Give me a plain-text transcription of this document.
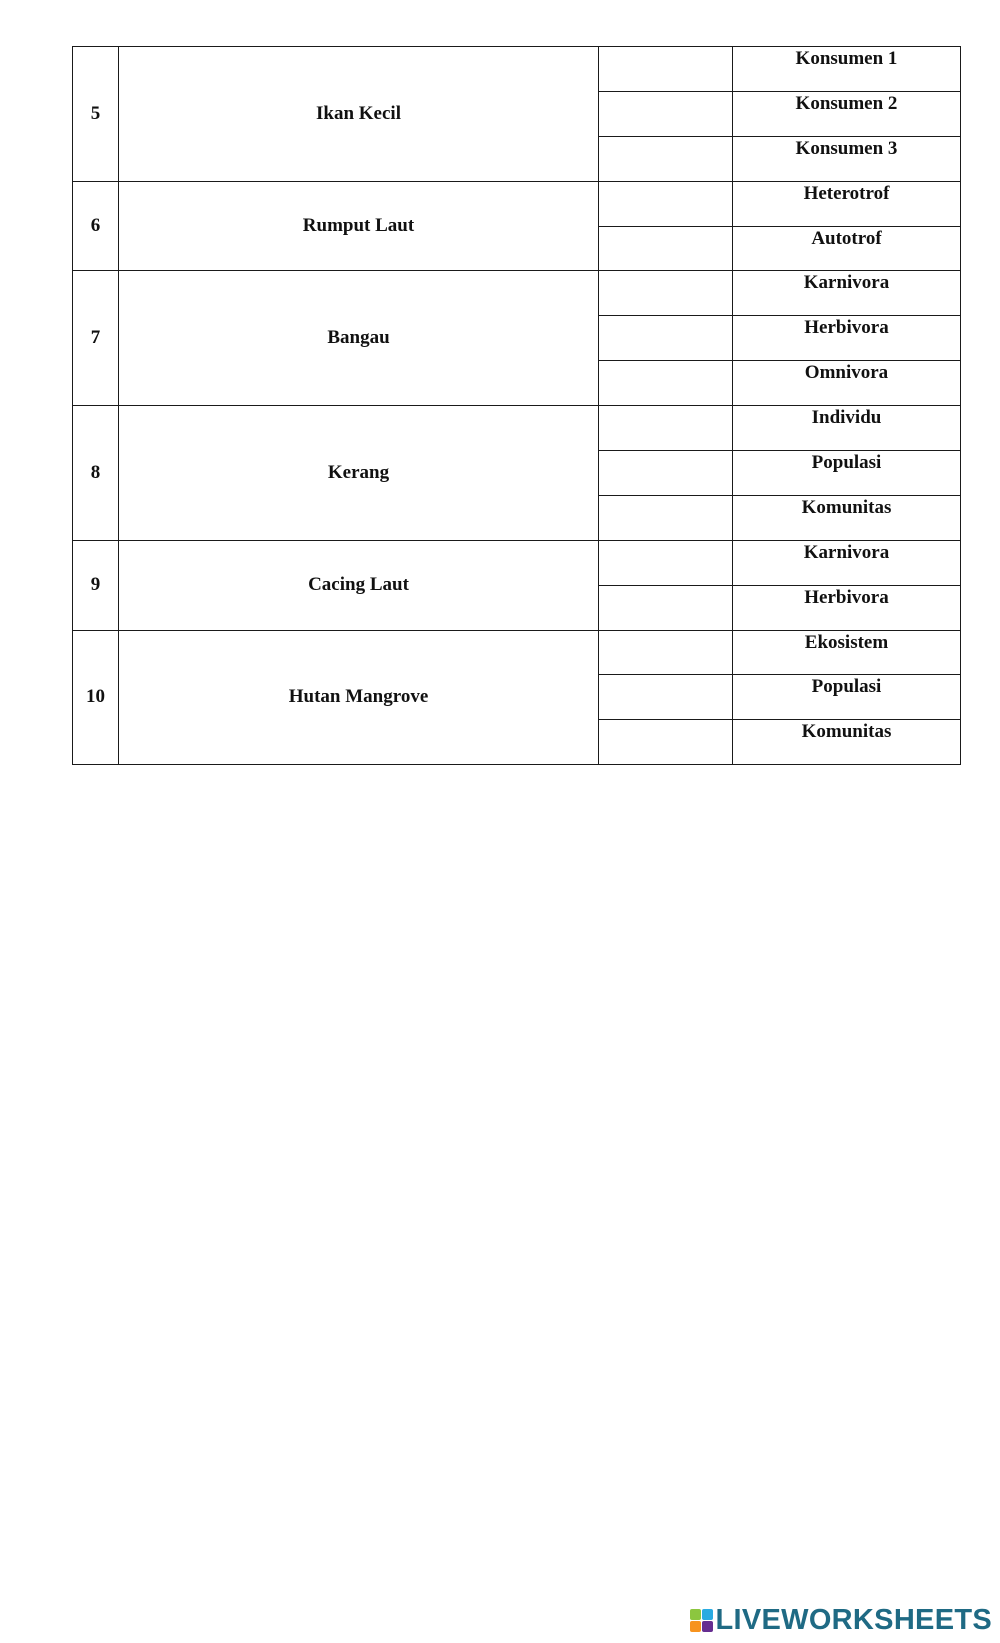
5	Ikan Kecil		Konsumen 1
			Konsumen 2
			Konsumen 3
6	Rumput Laut		Heterotrof
			Autotrof
7	Bangau		Karnivora
			Herbivora
			Omnivora
8	Kerang		Individu
			Populasi
			Komunitas
9	Cacing Laut		Karnivora
			Herbivora
10	Hutan Mangrove		Ekosistem
			Populasi
			Komunitas
LIVEWORKSHEETS
